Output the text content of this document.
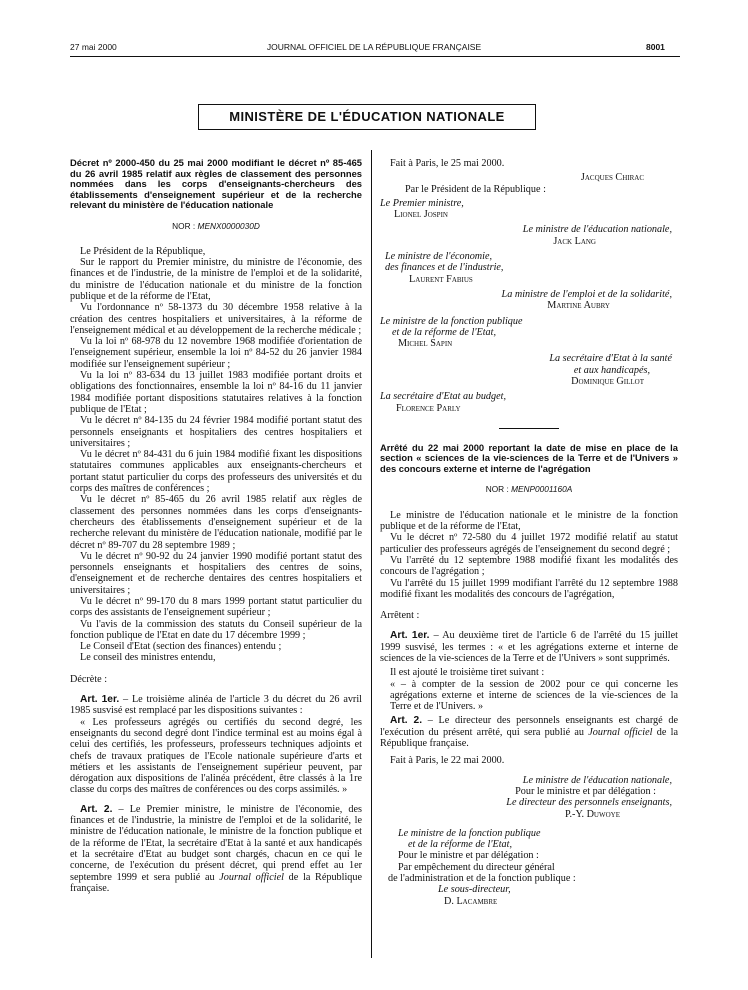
27 mai 2000	JOURNAL OFFICIEL DE LA RÉPUBLIQUE FRANÇAISE	8001
MINISTÈRE DE L'ÉDUCATION NATIONALE

Décret nº 2000-450 du 25 mai 2000 modifiant le décret nº 85-465 du 26 avril 1985 relatif aux règles de classement des personnes nommées dans les corps d'enseignants-chercheurs des établissements d'enseignement supérieur et de la recherche relevant du ministère de l'éducation nationale

NOR : MENX0000030D

Le Président de la République,

Sur le rapport du Premier ministre, du ministre de l'économie, des finances et de l'industrie, de la ministre de l'emploi et de la solidarité, du ministre de l'éducation nationale et du ministre de la fonction publique et de la réforme de l'Etat,

Vu l'ordonnance nº 58-1373 du 30 décembre 1958 relative à la création des centres hospitaliers et universitaires, à la réforme de l'enseignement médical et au développement de la recherche médicale ;

Vu la loi nº 68-978 du 12 novembre 1968 modifiée d'orientation de l'enseignement supérieur, ensemble la loi nº 84-52 du 26 janvier 1984 modifiée sur l'enseignement supérieur ;

Vu la loi nº 83-634 du 13 juillet 1983 modifiée portant droits et obligations des fonctionnaires, ensemble la loi nº 84-16 du 11 janvier 1984 modifiée portant dispositions statutaires relatives à la fonction publique de l'Etat ;

Vu le décret nº 84-135 du 24 février 1984 modifié portant statut des personnels enseignants et hospitaliers des centres hospitaliers et universitaires ;

Vu le décret nº 84-431 du 6 juin 1984 modifié fixant les dispositions statutaires communes applicables aux enseignants-chercheurs et portant statut particulier du corps des professeurs des universités et du corps des maîtres de conférences ;

Vu le décret nº 85-465 du 26 avril 1985 relatif aux règles de classement des personnes nommées dans les corps d'enseignants-chercheurs des établissements d'enseignement supérieur et de la recherche relevant du ministère de l'éducation nationale, modifié par le décret nº 89-707 du 28 septembre 1989 ;

Vu le décret nº 90-92 du 24 janvier 1990 modifié portant statut des personnels enseignants et hospitaliers des centres de soins, d'enseignement et de recherche dentaires des centres hospitaliers et universitaires ;

Vu le décret nº 99-170 du 8 mars 1999 portant statut particulier du corps des assistants de l'enseignement supérieur ;

Vu l'avis de la commission des statuts du Conseil supérieur de la fonction publique de l'Etat en date du 17 décembre 1999 ;

Le Conseil d'Etat (section des finances) entendu ;

Le conseil des ministres entendu,

Décrète :

Art. 1er. – Le troisième alinéa de l'article 3 du décret du 26 avril 1985 susvisé est remplacé par les dispositions suivantes :

« Les professeurs agrégés ou certifiés du second degré, les enseignants du second degré dont l'indice terminal est au moins égal à celui des certifiés, les professeurs, professeurs techniques adjoints et chefs de travaux pratiques de l'Ecole nationale supérieure d'arts et métiers et les assistants de l'enseignement supérieur peuvent, par dérogation aux dispositions de l'alinéa précédent, être classés à la 1re classe du corps des maîtres de conférences ou des corps assimilés. »

Art. 2. – Le Premier ministre, le ministre de l'économie, des finances et de l'industrie, la ministre de l'emploi et de la solidarité, le ministre de l'éducation nationale, le ministre de la fonction publique et de la réforme de l'Etat, la secrétaire d'Etat à la santé et aux handicapés et la secrétaire d'Etat au budget sont chargés, chacun en ce qui le concerne, de l'exécution du présent décret, qui prend effet au 1er septembre 1999 et sera publié au Journal officiel de la République française.

Fait à Paris, le 25 mai 2000.
Jacques Chirac
Par le Président de la République :
Le Premier ministre,
Lionel Jospin
Le ministre de l'éducation nationale,
Jack Lang
Le ministre de l'économie,
des finances et de l'industrie,
Laurent Fabius
La ministre de l'emploi et de la solidarité,
Martine Aubry
Le ministre de la fonction publique
et de la réforme de l'Etat,
Michel Sapin
La secrétaire d'Etat à la santé
et aux handicapés,
Dominique Gillot
La secrétaire d'Etat au budget,
Florence Parly

Arrêté du 22 mai 2000 reportant la date de mise en place de la section « sciences de la vie-sciences de la Terre et de l'Univers » des concours externe et interne de l'agrégation

NOR : MENP0001160A

Le ministre de l'éducation nationale et le ministre de la fonction publique et de la réforme de l'Etat,

Vu le décret nº 72-580 du 4 juillet 1972 modifié relatif au statut particulier des professeurs agrégés de l'enseignement du second degré ;

Vu l'arrêté du 12 septembre 1988 modifié fixant les modalités des concours de l'agrégation ;

Vu l'arrêté du 15 juillet 1999 modifiant l'arrêté du 12 septembre 1988 modifié fixant les modalités des concours de l'agrégation,

Arrêtent :

Art. 1er. – Au deuxième tiret de l'article 6 de l'arrêté du 15 juillet 1999 susvisé, les termes : « et les agrégations externe et interne de sciences de la vie-sciences de la Terre et de l'Univers » sont supprimés.

Il est ajouté le troisième tiret suivant :

« – à compter de la session de 2002 pour ce qui concerne les agrégations externe et interne de sciences de la vie-sciences de la Terre et de l'Univers. »

Art. 2. – Le directeur des personnels enseignants est chargé de l'exécution du présent arrêté, qui sera publié au Journal officiel de la République française.

Fait à Paris, le 22 mai 2000.
Le ministre de l'éducation nationale,
Pour le ministre et par délégation :
Le directeur des personnels enseignants,
P.-Y. Duwoye
Le ministre de la fonction publique
et de la réforme de l'Etat,
Pour le ministre et par délégation :
Par empêchement du directeur général
de l'administration et de la fonction publique :
Le sous-directeur,
D. Lacambre
